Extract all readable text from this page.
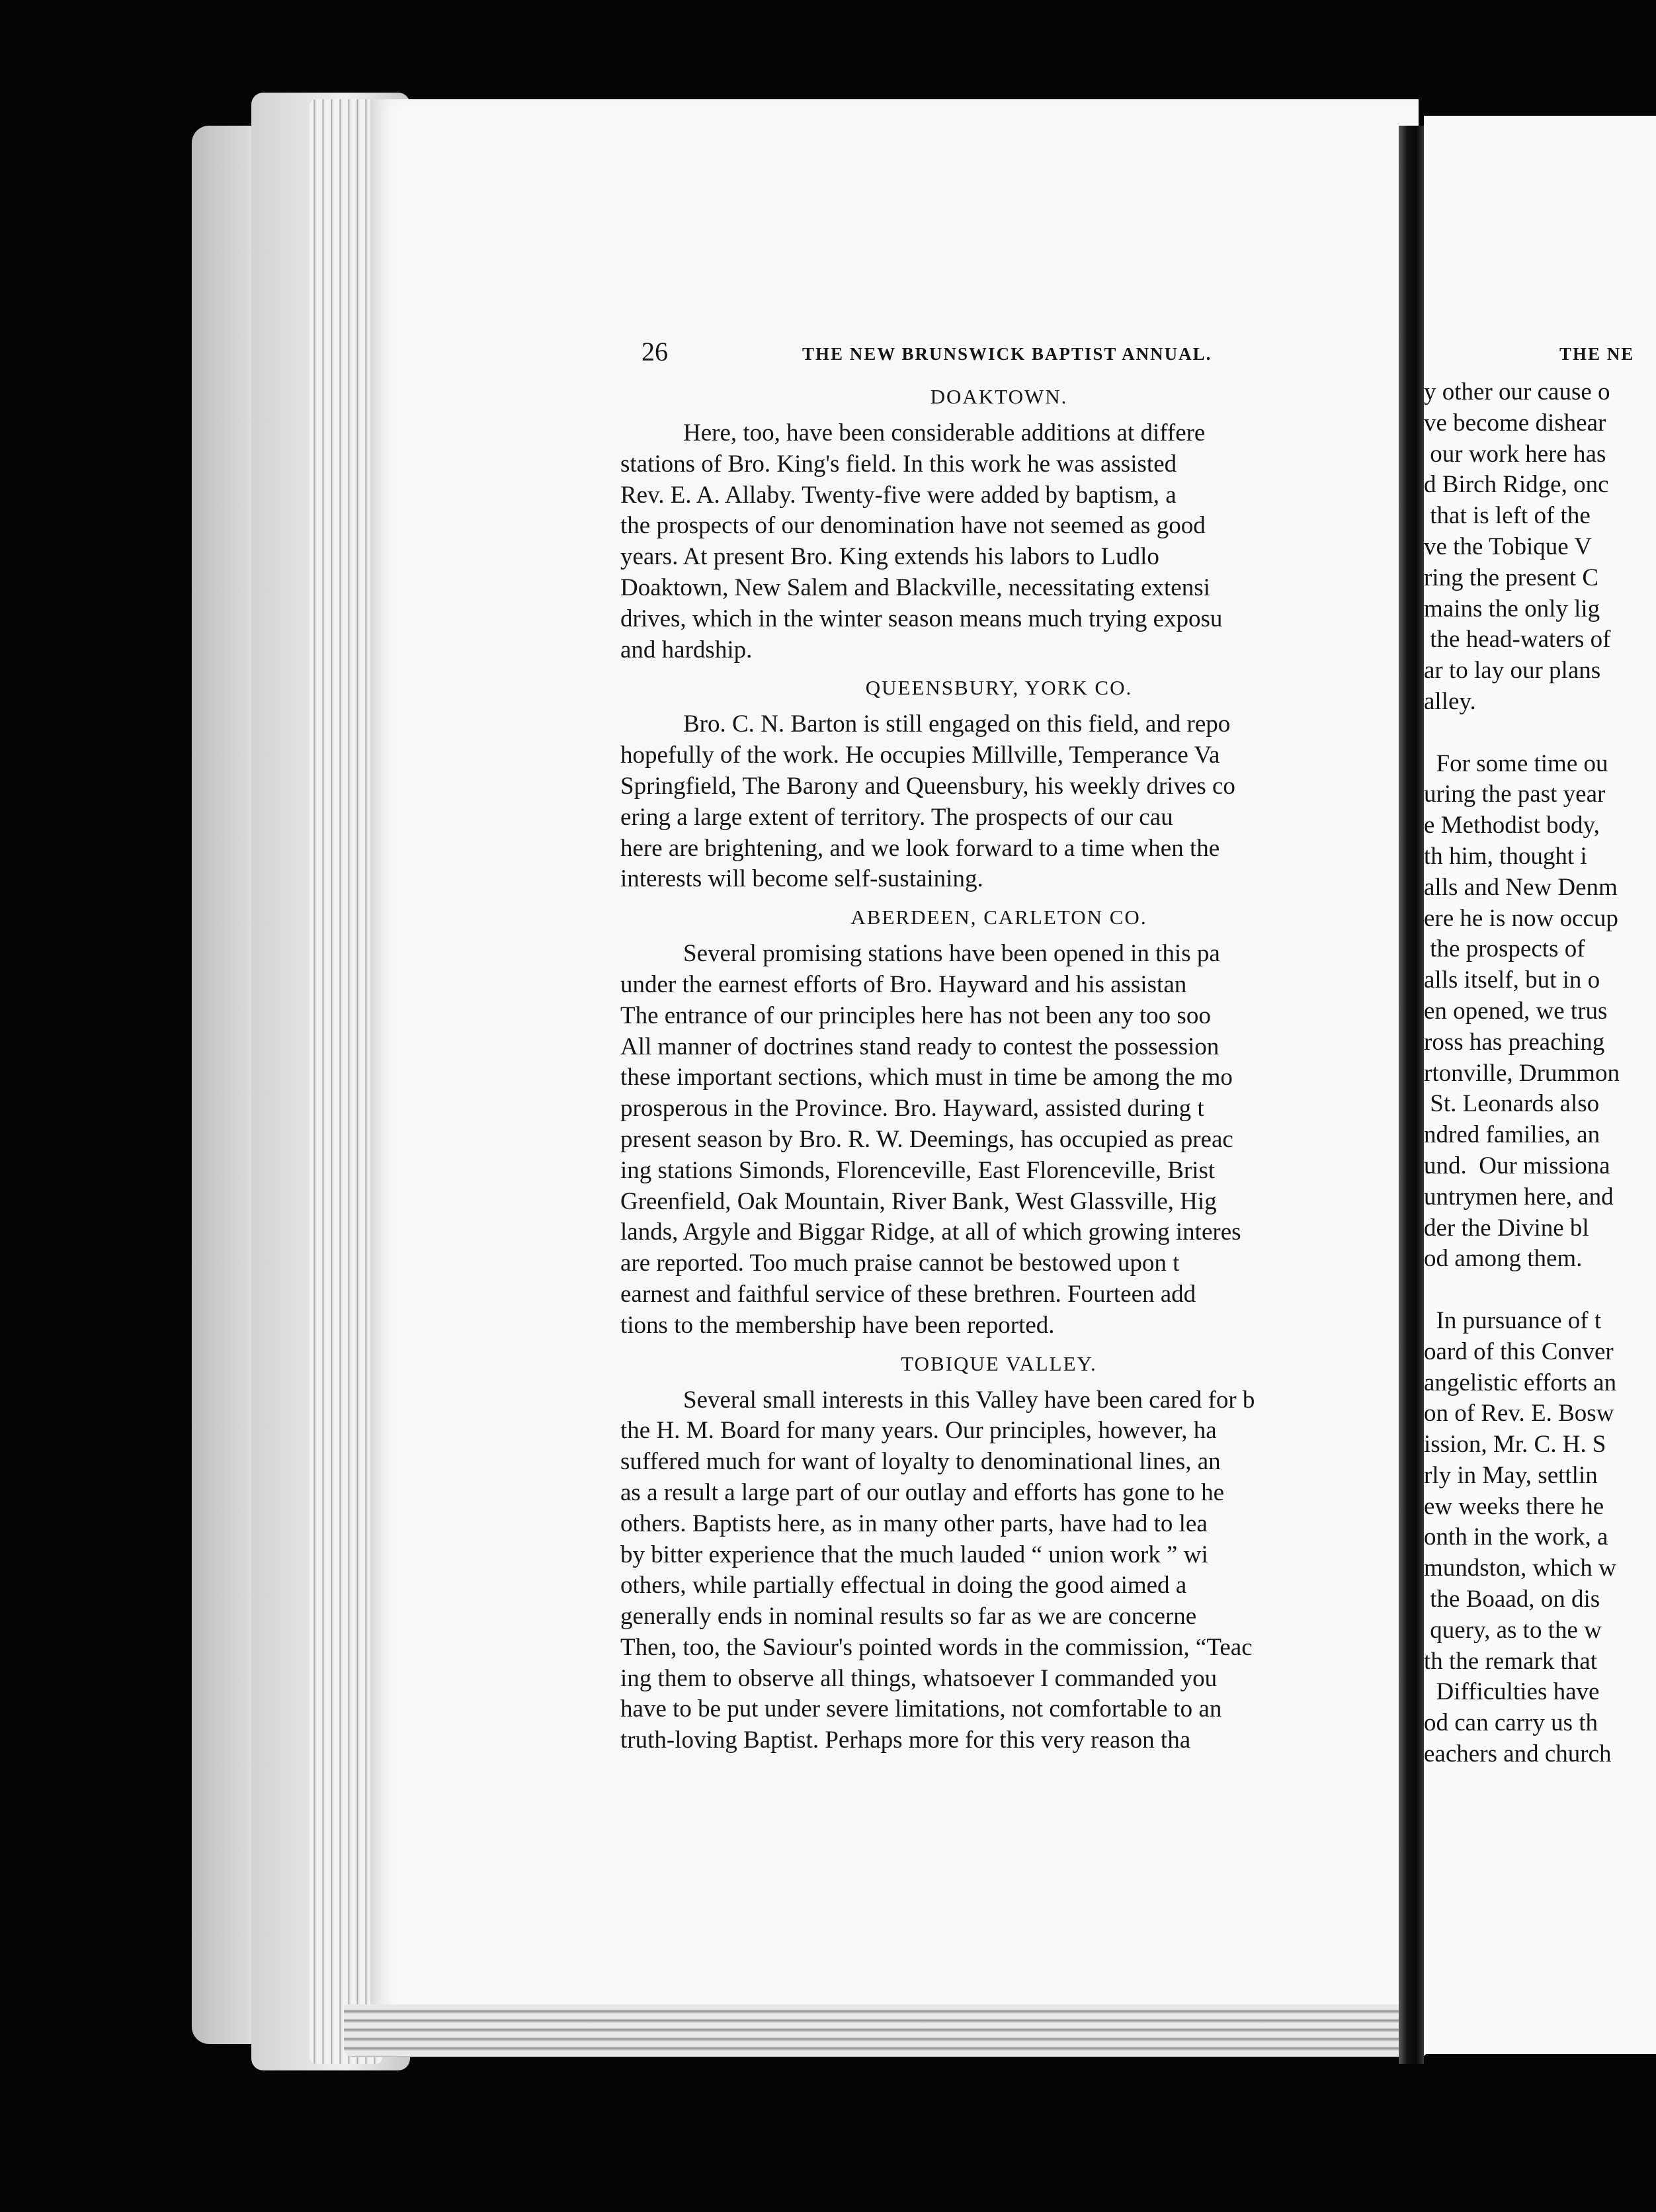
26	THE NEW BRUNSWICK BAPTIST ANNUAL.

DOAKTOWN.

Here, too, have been considerable additions at differe
stations of Bro. King's field. In this work he was assisted
Rev. E. A. Allaby. Twenty-five were added by baptism, a
the prospects of our denomination have not seemed as good
years. At present Bro. King extends his labors to Ludlo
Doaktown, New Salem and Blackville, necessitating extensi
drives, which in the winter season means much trying exposu
and hardship.

QUEENSBURY, YORK CO.

Bro. C. N. Barton is still engaged on this field, and repo
hopefully of the work. He occupies Millville, Temperance Va
Springfield, The Barony and Queensbury, his weekly drives co
ering a large extent of territory. The prospects of our cau
here are brightening, and we look forward to a time when the
interests will become self-sustaining.

ABERDEEN, CARLETON CO.

Several promising stations have been opened in this pa
under the earnest efforts of Bro. Hayward and his assistan
The entrance of our principles here has not been any too soo
All manner of doctrines stand ready to contest the possession
these important sections, which must in time be among the mo
prosperous in the Province. Bro. Hayward, assisted during t
present season by Bro. R. W. Deemings, has occupied as preac
ing stations Simonds, Florenceville, East Florenceville, Brist
Greenfield, Oak Mountain, River Bank, West Glassville, Hig
lands, Argyle and Biggar Ridge, at all of which growing interes
are reported. Too much praise cannot be bestowed upon t
earnest and faithful service of these brethren. Fourteen add
tions to the membership have been reported.

TOBIQUE VALLEY.

Several small interests in this Valley have been cared for b
the H. M. Board for many years. Our principles, however, ha
suffered much for want of loyalty to denominational lines, an
as a result a large part of our outlay and efforts has gone to he
others. Baptists here, as in many other parts, have had to lea
by bitter experience that the much lauded “ union work ” wi
others, while partially effectual in doing the good aimed a
generally ends in nominal results so far as we are concerne
Then, too, the Saviour's pointed words in the commission, “Teac
ing them to observe all things, whatsoever I commanded you
have to be put under severe limitations, not comfortable to an
truth-loving Baptist. Perhaps more for this very reason tha
THE NE
y other our cause o
ve become dishear
our work here has
d Birch Ridge, onc
that is left of the
ve the Tobique V
ring the present C
mains the only lig
the head-waters of
ar to lay our plans
alley.

For some time ou
uring the past year
e Methodist body,
th him, thought i
alls and New Denm
ere he is now occup
the prospects of
alls itself, but in o
en opened, we trus
ross has preaching
rtonville, Drummon
St. Leonards also
ndred families, an
und.  Our missiona
untrymen here, and
der the Divine bl
od among them.

In pursuance of t
oard of this Conver
angelistic efforts an
on of Rev. E. Bosw
ission, Mr. C. H. S
rly in May, settlin
ew weeks there he
onth in the work, a
mundston, which w
the Boaad, on dis
query, as to the w
th the remark that
Difficulties have
od can carry us th
eachers and church
